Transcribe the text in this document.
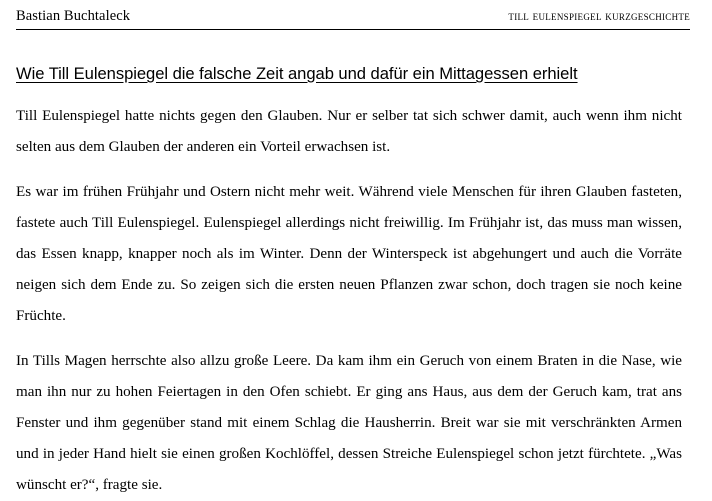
Bastian Buchtaleck	till eulenspiegel kurzgeschichte
Wie Till Eulenspiegel die falsche Zeit angab und dafür ein Mittagessen erhielt

Till Eulenspiegel hatte nichts gegen den Glauben. Nur er selber tat sich schwer damit, auch wenn ihm nicht selten aus dem Glauben der anderen ein Vorteil erwachsen ist.

Es war im frühen Frühjahr und Ostern nicht mehr weit. Während viele Menschen für ihren Glauben fasteten, fastete auch Till Eulenspiegel. Eulenspiegel allerdings nicht freiwillig. Im Frühjahr ist, das muss man wissen, das Essen knapp, knapper noch als im Winter. Denn der Winterspeck ist abgehungert und auch die Vorräte neigen sich dem Ende zu. So zeigen sich die ersten neuen Pflanzen zwar schon, doch tragen sie noch keine Früchte.

In Tills Magen herrschte also allzu große Leere. Da kam ihm ein Geruch von einem Braten in die Nase, wie man ihn nur zu hohen Feiertagen in den Ofen schiebt. Er ging ans Haus, aus dem der Geruch kam, trat ans Fenster und ihm gegenüber stand mit einem Schlag die Hausherrin. Breit war sie mit verschränkten Armen und in jeder Hand hielt sie einen großen Kochlöffel, dessen Streiche Eulenspiegel schon jetzt fürchtete. „Was wünscht er?“, fragte sie.
